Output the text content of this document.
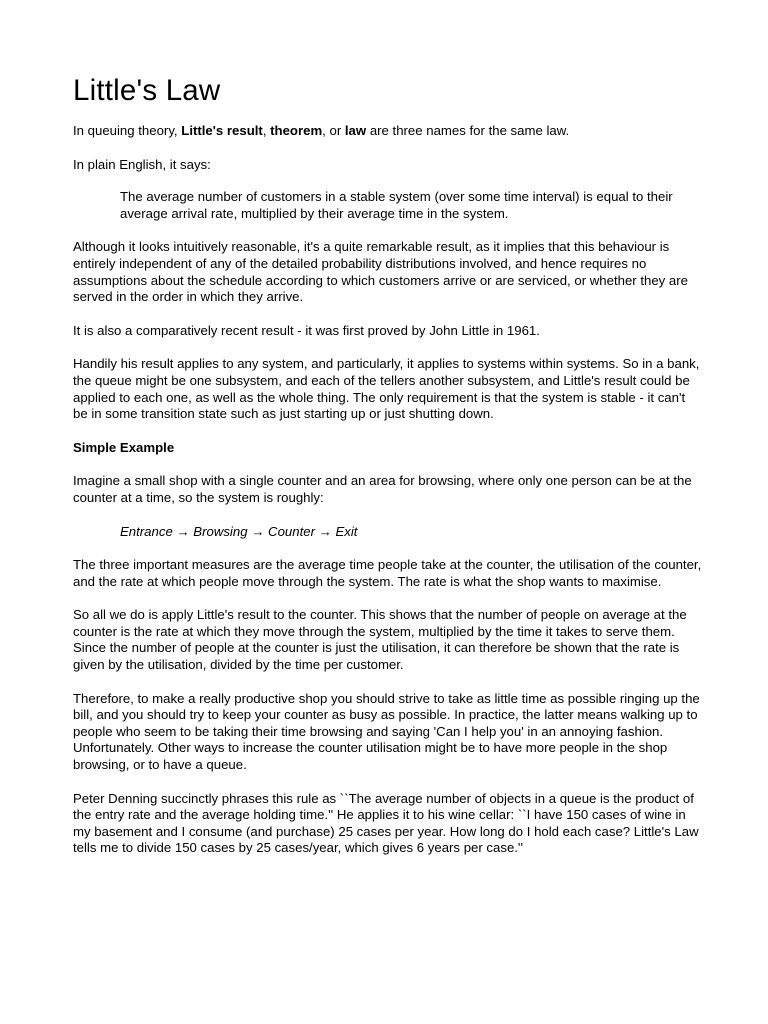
Little's Law

In queuing theory, Little's result, theorem, or law are three names for the same law.

In plain English, it says:

The average number of customers in a stable system (over some time interval) is equal to their average arrival rate, multiplied by their average time in the system.

Although it looks intuitively reasonable, it's a quite remarkable result, as it implies that this behaviour is entirely independent of any of the detailed probability distributions involved, and hence requires no assumptions about the schedule according to which customers arrive or are serviced, or whether they are served in the order in which they arrive.

It is also a comparatively recent result - it was first proved by John Little in 1961.

Handily his result applies to any system, and particularly, it applies to systems within systems. So in a bank, the queue might be one subsystem, and each of the tellers another subsystem, and Little's result could be applied to each one, as well as the whole thing. The only requirement is that the system is stable - it can't be in some transition state such as just starting up or just shutting down.

Simple Example

Imagine a small shop with a single counter and an area for browsing, where only one person can be at the counter at a time, so the system is roughly:

Entrance → Browsing → Counter → Exit

The three important measures are the average time people take at the counter, the utilisation of the counter, and the rate at which people move through the system. The rate is what the shop wants to maximise.

So all we do is apply Little's result to the counter. This shows that the number of people on average at the counter is the rate at which they move through the system, multiplied by the time it takes to serve them. Since the number of people at the counter is just the utilisation, it can therefore be shown that the rate is given by the utilisation, divided by the time per customer.

Therefore, to make a really productive shop you should strive to take as little time as possible ringing up the bill, and you should try to keep your counter as busy as possible. In practice, the latter means walking up to people who seem to be taking their time browsing and saying 'Can I help you' in an annoying fashion. Unfortunately. Other ways to increase the counter utilisation might be to have more people in the shop browsing, or to have a queue.

Peter Denning succinctly phrases this rule as ``The average number of objects in a queue is the product of the entry rate and the average holding time.'' He applies it to his wine cellar: ``I have 150 cases of wine in my basement and I consume (and purchase) 25 cases per year. How long do I hold each case? Little's Law tells me to divide 150 cases by 25 cases/year, which gives 6 years per case.''
